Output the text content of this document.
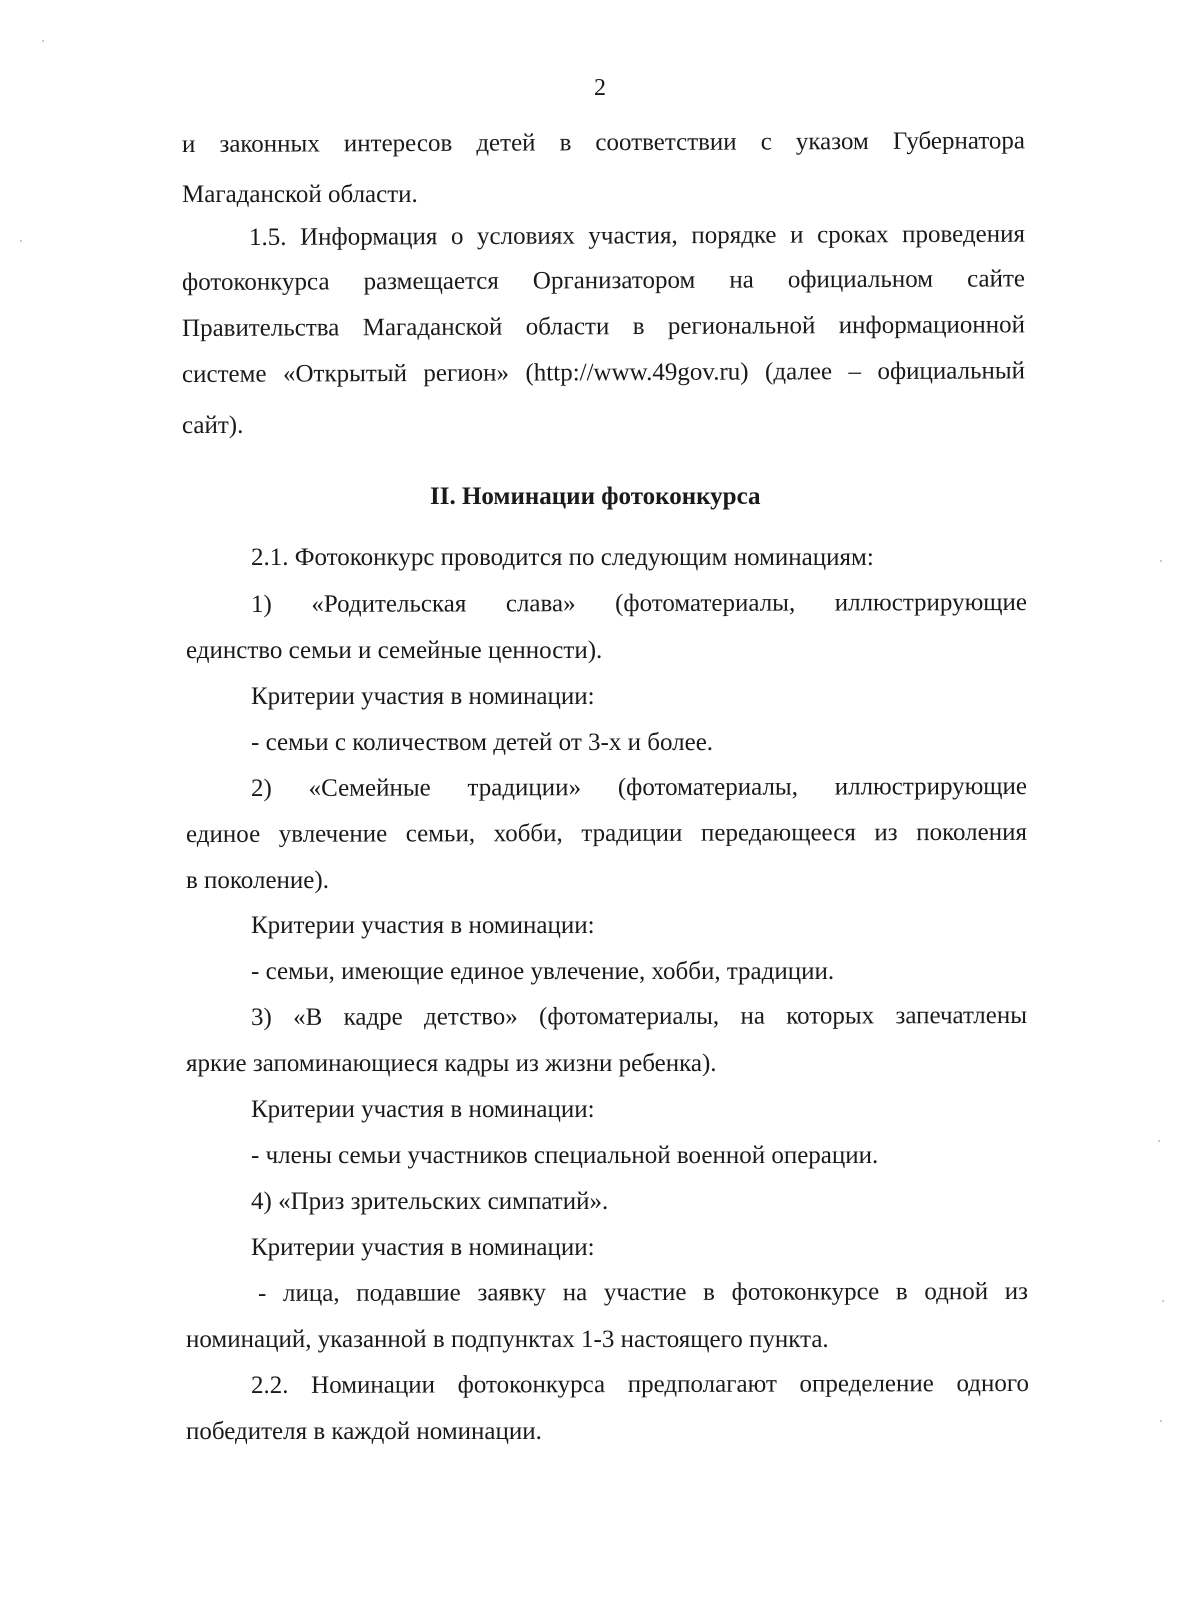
2
и законных интересов детей в соответствии с указом Губернатора
Магаданской области.
1.5. Информация о условиях участия, порядке и сроках проведения
фотоконкурса размещается Организатором на официальном сайте
Правительства Магаданской области в региональной информационной
системе «Открытый регион» (http://www.49gov.ru) (далее – официальный
сайт).
II. Номинации фотоконкурса
2.1. Фотоконкурс проводится по следующим номинациям:
1) «Родительская слава» (фотоматериалы, иллюстрирующие
единство семьи и семейные ценности).
Критерии участия в номинации:
- семьи с количеством детей от 3-х и более.
2) «Семейные традиции» (фотоматериалы, иллюстрирующие
единое увлечение семьи, хобби, традиции передающееся из поколения
в поколение).
Критерии участия в номинации:
- семьи, имеющие единое увлечение, хобби, традиции.
3) «В кадре детство» (фотоматериалы, на которых запечатлены
яркие запоминающиеся кадры из жизни ребенка).
Критерии участия в номинации:
- члены семьи участников специальной военной операции.
4) «Приз зрительских симпатий».
Критерии участия в номинации:
- лица, подавшие заявку на участие в фотоконкурсе в одной из
номинаций, указанной в подпунктах 1-3 настоящего пункта.
2.2. Номинации фотоконкурса предполагают определение одного
победителя в каждой номинации.
